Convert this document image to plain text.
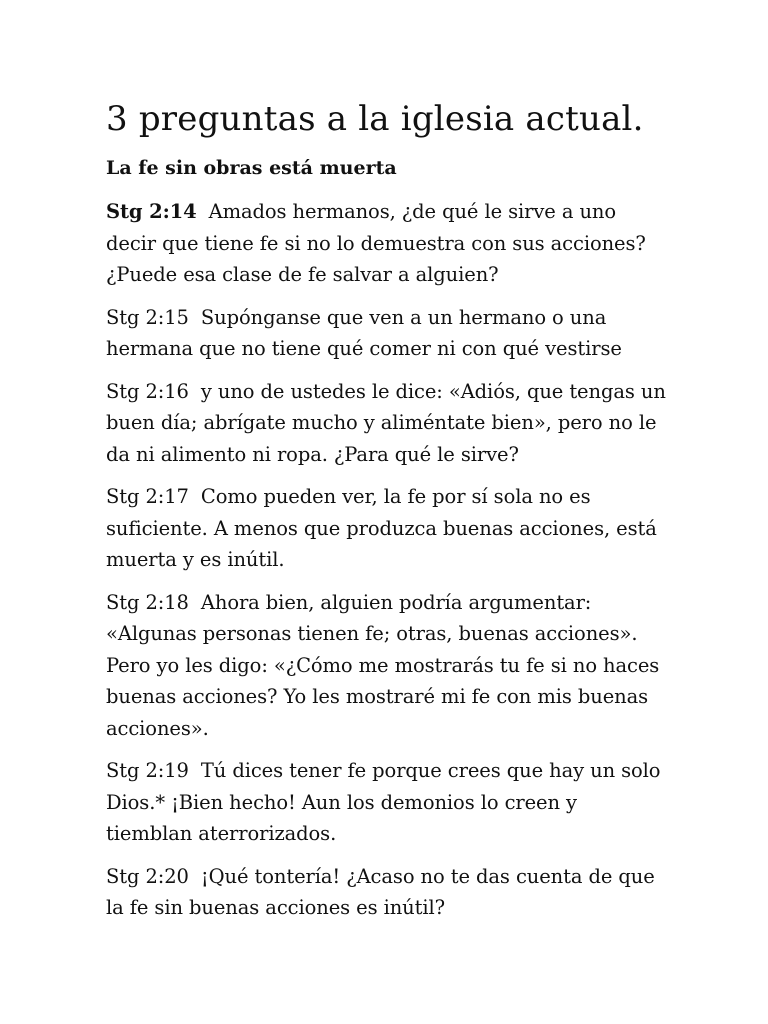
3 preguntas a la iglesia actual.
La fe sin obras está muerta

Stg 2:14 Amados hermanos, ¿de qué le sirve a uno decir que tiene fe si no lo demuestra con sus acciones? ¿Puede esa clase de fe salvar a alguien?

Stg 2:15 Supónganse que ven a un hermano o una hermana que no tiene qué comer ni con qué vestirse

Stg 2:16 y uno de ustedes le dice: «Adiós, que tengas un buen día; abrígate mucho y aliméntate bien», pero no le da ni alimento ni ropa. ¿Para qué le sirve?

Stg 2:17 Como pueden ver, la fe por sí sola no es suficiente. A menos que produzca buenas acciones, está muerta y es inútil.

Stg 2:18 Ahora bien, alguien podría argumentar: «Algunas personas tienen fe; otras, buenas acciones». Pero yo les digo: «¿Cómo me mostrarás tu fe si no haces buenas acciones? Yo les mostraré mi fe con mis buenas acciones».

Stg 2:19 Tú dices tener fe porque crees que hay un solo Dios.* ¡Bien hecho! Aun los demonios lo creen y tiemblan aterrorizados.

Stg 2:20 ¡Qué tontería! ¿Acaso no te das cuenta de que la fe sin buenas acciones es inútil?
